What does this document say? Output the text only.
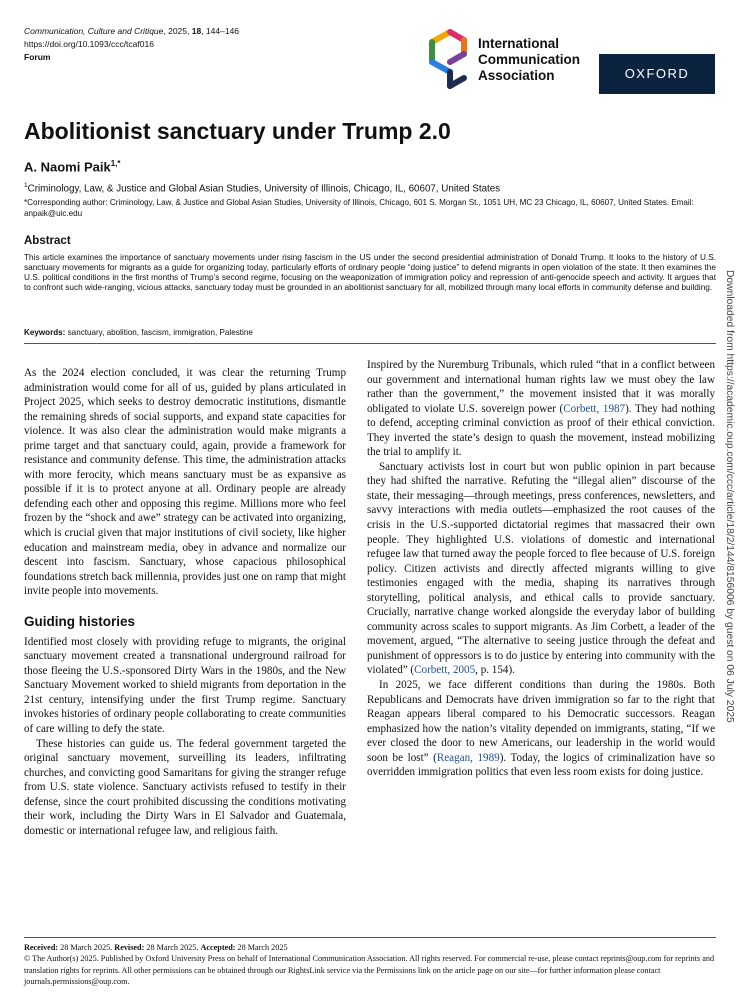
Communication, Culture and Critique, 2025, 18, 144–146
https://doi.org/10.1093/ccc/tcaf016
Forum
International
Communication
Association	OXFORD
Abolitionist sanctuary under Trump 2.0
A. Naomi Paik$^{1,*}$
$^1$Criminology, Law, & Justice and Global Asian Studies, University of Illinois, Chicago, IL, 60607, United States
*Corresponding author: Criminology, Law, & Justice and Global Asian Studies, University of Illinois, Chicago, 601 S. Morgan St., 1051 UH, MC 23 Chicago, IL, 60607, United States. Email: anpaik@uic.edu
Abstract

This article examines the importance of sanctuary movements under rising fascism in the US under the second presidential administration of Donald Trump. It looks to the history of U.S. sanctuary movements for migrants as a guide for organizing today, particularly efforts of ordinary people “doing justice” to defend migrants in open violation of the state. It then examines the U.S. political conditions in the first months of Trump’s second regime, focusing on the weaponization of immigration policy and repression of anti-genocide speech and activity. It argues that to confront such wide-ranging, vicious attacks, sanctuary today must be grounded in an abolitionist sanctuary for all, mobilized through many local efforts in community defense and building.

Keywords: sanctuary, abolition, fascism, immigration, Palestine

As the 2024 election concluded, it was clear the returning Trump administration would come for all of us, guided by plans articulated in Project 2025, which seeks to destroy democratic institutions, dismantle the remaining shreds of social supports, and expand state capacities for violence. It was also clear the administration would make migrants a prime target and that sanctuary could, again, provide a framework for resistance and community defense. This time, the administration attacks with more ferocity, which means sanctuary must be as expansive as possible if it is to protect anyone at all. Ordinary people are already defending each other and opposing this regime. Millions more who feel frozen by the “shock and awe” strategy can be activated into organizing, which is crucial given that major institutions of civil society, like higher education and mainstream media, obey in advance and normalize our descent into fascism. Sanctuary, whose capacious philosophical foundations stretch back millennia, provides just one on ramp that might invite people into movements.

Guiding histories

Identified most closely with providing refuge to migrants, the original sanctuary movement created a transnational underground railroad for those fleeing the U.S.-sponsored Dirty Wars in the 1980s, and the New Sanctuary Movement worked to shield migrants from deportation in the 21st century, intensifying under the first Trump regime. Sanctuary invokes histories of ordinary people collaborating to create communities of care willing to defy the state.

These histories can guide us. The federal government targeted the original sanctuary movement, surveilling its leaders, infiltrating churches, and convicting good Samaritans for giving the stranger refuge from U.S. state violence. Sanctuary activists refused to testify in their defense, since the court prohibited discussing the conditions motivating their work, including the Dirty Wars in El Salvador and Guatemala, domestic or international refugee law, and religious faith.

Inspired by the Nuremburg Tribunals, which ruled “that in a conflict between our government and international human rights law we must obey the law rather than the government,” the movement insisted that it was morally obligated to violate U.S. sovereign power (Corbett, 1987). They had nothing to defend, accepting criminal conviction as proof of their ethical conviction. They inverted the state’s design to quash the movement, instead mobilizing the trial to amplify it.

Sanctuary activists lost in court but won public opinion in part because they had shifted the narrative. Refuting the “illegal alien” discourse of the state, their messaging—through meetings, press conferences, newsletters, and savvy interactions with media outlets—emphasized the root causes of the crisis in the U.S.-supported dictatorial regimes that massacred their own people. They highlighted U.S. violations of domestic and international refugee law that turned away the people forced to flee because of U.S. foreign policy. Citizen activists and directly affected migrants willing to give testimonies engaged with the media, shaping its narratives through storytelling, political analysis, and ethical calls to provide sanctuary. Crucially, narrative change worked alongside the everyday labor of building community across scales to support migrants. As Jim Corbett, a leader of the movement, argued, “The alternative to seeing justice through the defeat and punishment of oppressors is to do justice by entering into community with the violated” (Corbett, 2005, p. 154).

In 2025, we face different conditions than during the 1980s. Both Republicans and Democrats have driven immigration so far to the right that Reagan appears liberal compared to his Democratic successors. Reagan emphasized how the nation’s vitality depended on immigrants, stating, “If we ever closed the door to new Americans, our leadership in the world would soon be lost” (Reagan, 1989). Today, the logics of criminalization have so overridden immigration politics that even less room exists for doing justice.

Received: 28 March 2025. Revised: 28 March 2025. Accepted: 28 March 2025
© The Author(s) 2025. Published by Oxford University Press on behalf of International Communication Association. All rights reserved. For commercial re-use, please contact reprints@oup.com for reprints and translation rights for reprints. All other permissions can be obtained through our RightsLink service via the Permissions link on the article page on our site—for further information please contact journals.permissions@oup.com.
Downloaded from https://academic.oup.com/ccc/article/18/2/144/8156006 by guest on 06 July 2025
